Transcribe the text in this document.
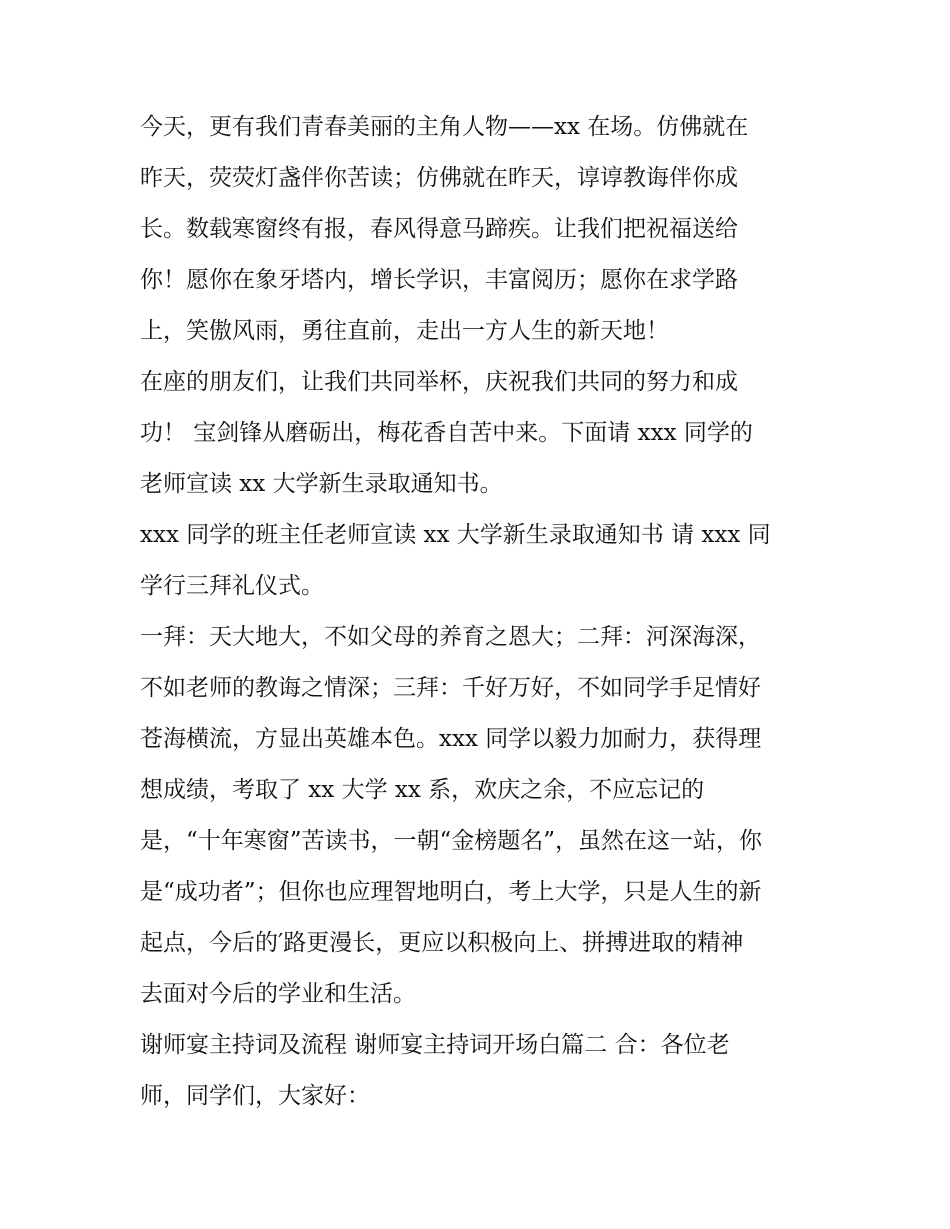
今天，更有我们青春美丽的主角人物——xx 在场。仿佛就在
昨天，荧荧灯盏伴你苦读；仿佛就在昨天，谆谆教诲伴你成
长。数载寒窗终有报，春风得意马蹄疾。让我们把祝福送给
你！愿你在象牙塔内，增长学识，丰富阅历；愿你在求学路
上，笑傲风雨，勇往直前，走出一方人生的新天地！
在座的朋友们，让我们共同举杯，庆祝我们共同的努力和成
功！ 宝剑锋从磨砺出，梅花香自苦中来。下面请 xxx 同学的
老师宣读 xx 大学新生录取通知书。
xxx 同学的班主任老师宣读 xx 大学新生录取通知书 请 xxx 同
学行三拜礼仪式。
一拜：天大地大，不如父母的养育之恩大；二拜：河深海深，
不如老师的教诲之情深；三拜：千好万好，不如同学手足情好
苍海横流，方显出英雄本色。xxx 同学以毅力加耐力，获得理
想成绩，考取了 xx 大学 xx 系，欢庆之余，不应忘记的
是，“十年寒窗”苦读书，一朝“金榜题名”，虽然在这一站，你
是“成功者”；但你也应理智地明白，考上大学，只是人生的新
起点，今后的′路更漫长，更应以积极向上、拼搏进取的精神
去面对今后的学业和生活。
谢师宴主持词及流程 谢师宴主持词开场白篇二 合：各位老
师，同学们，大家好：
